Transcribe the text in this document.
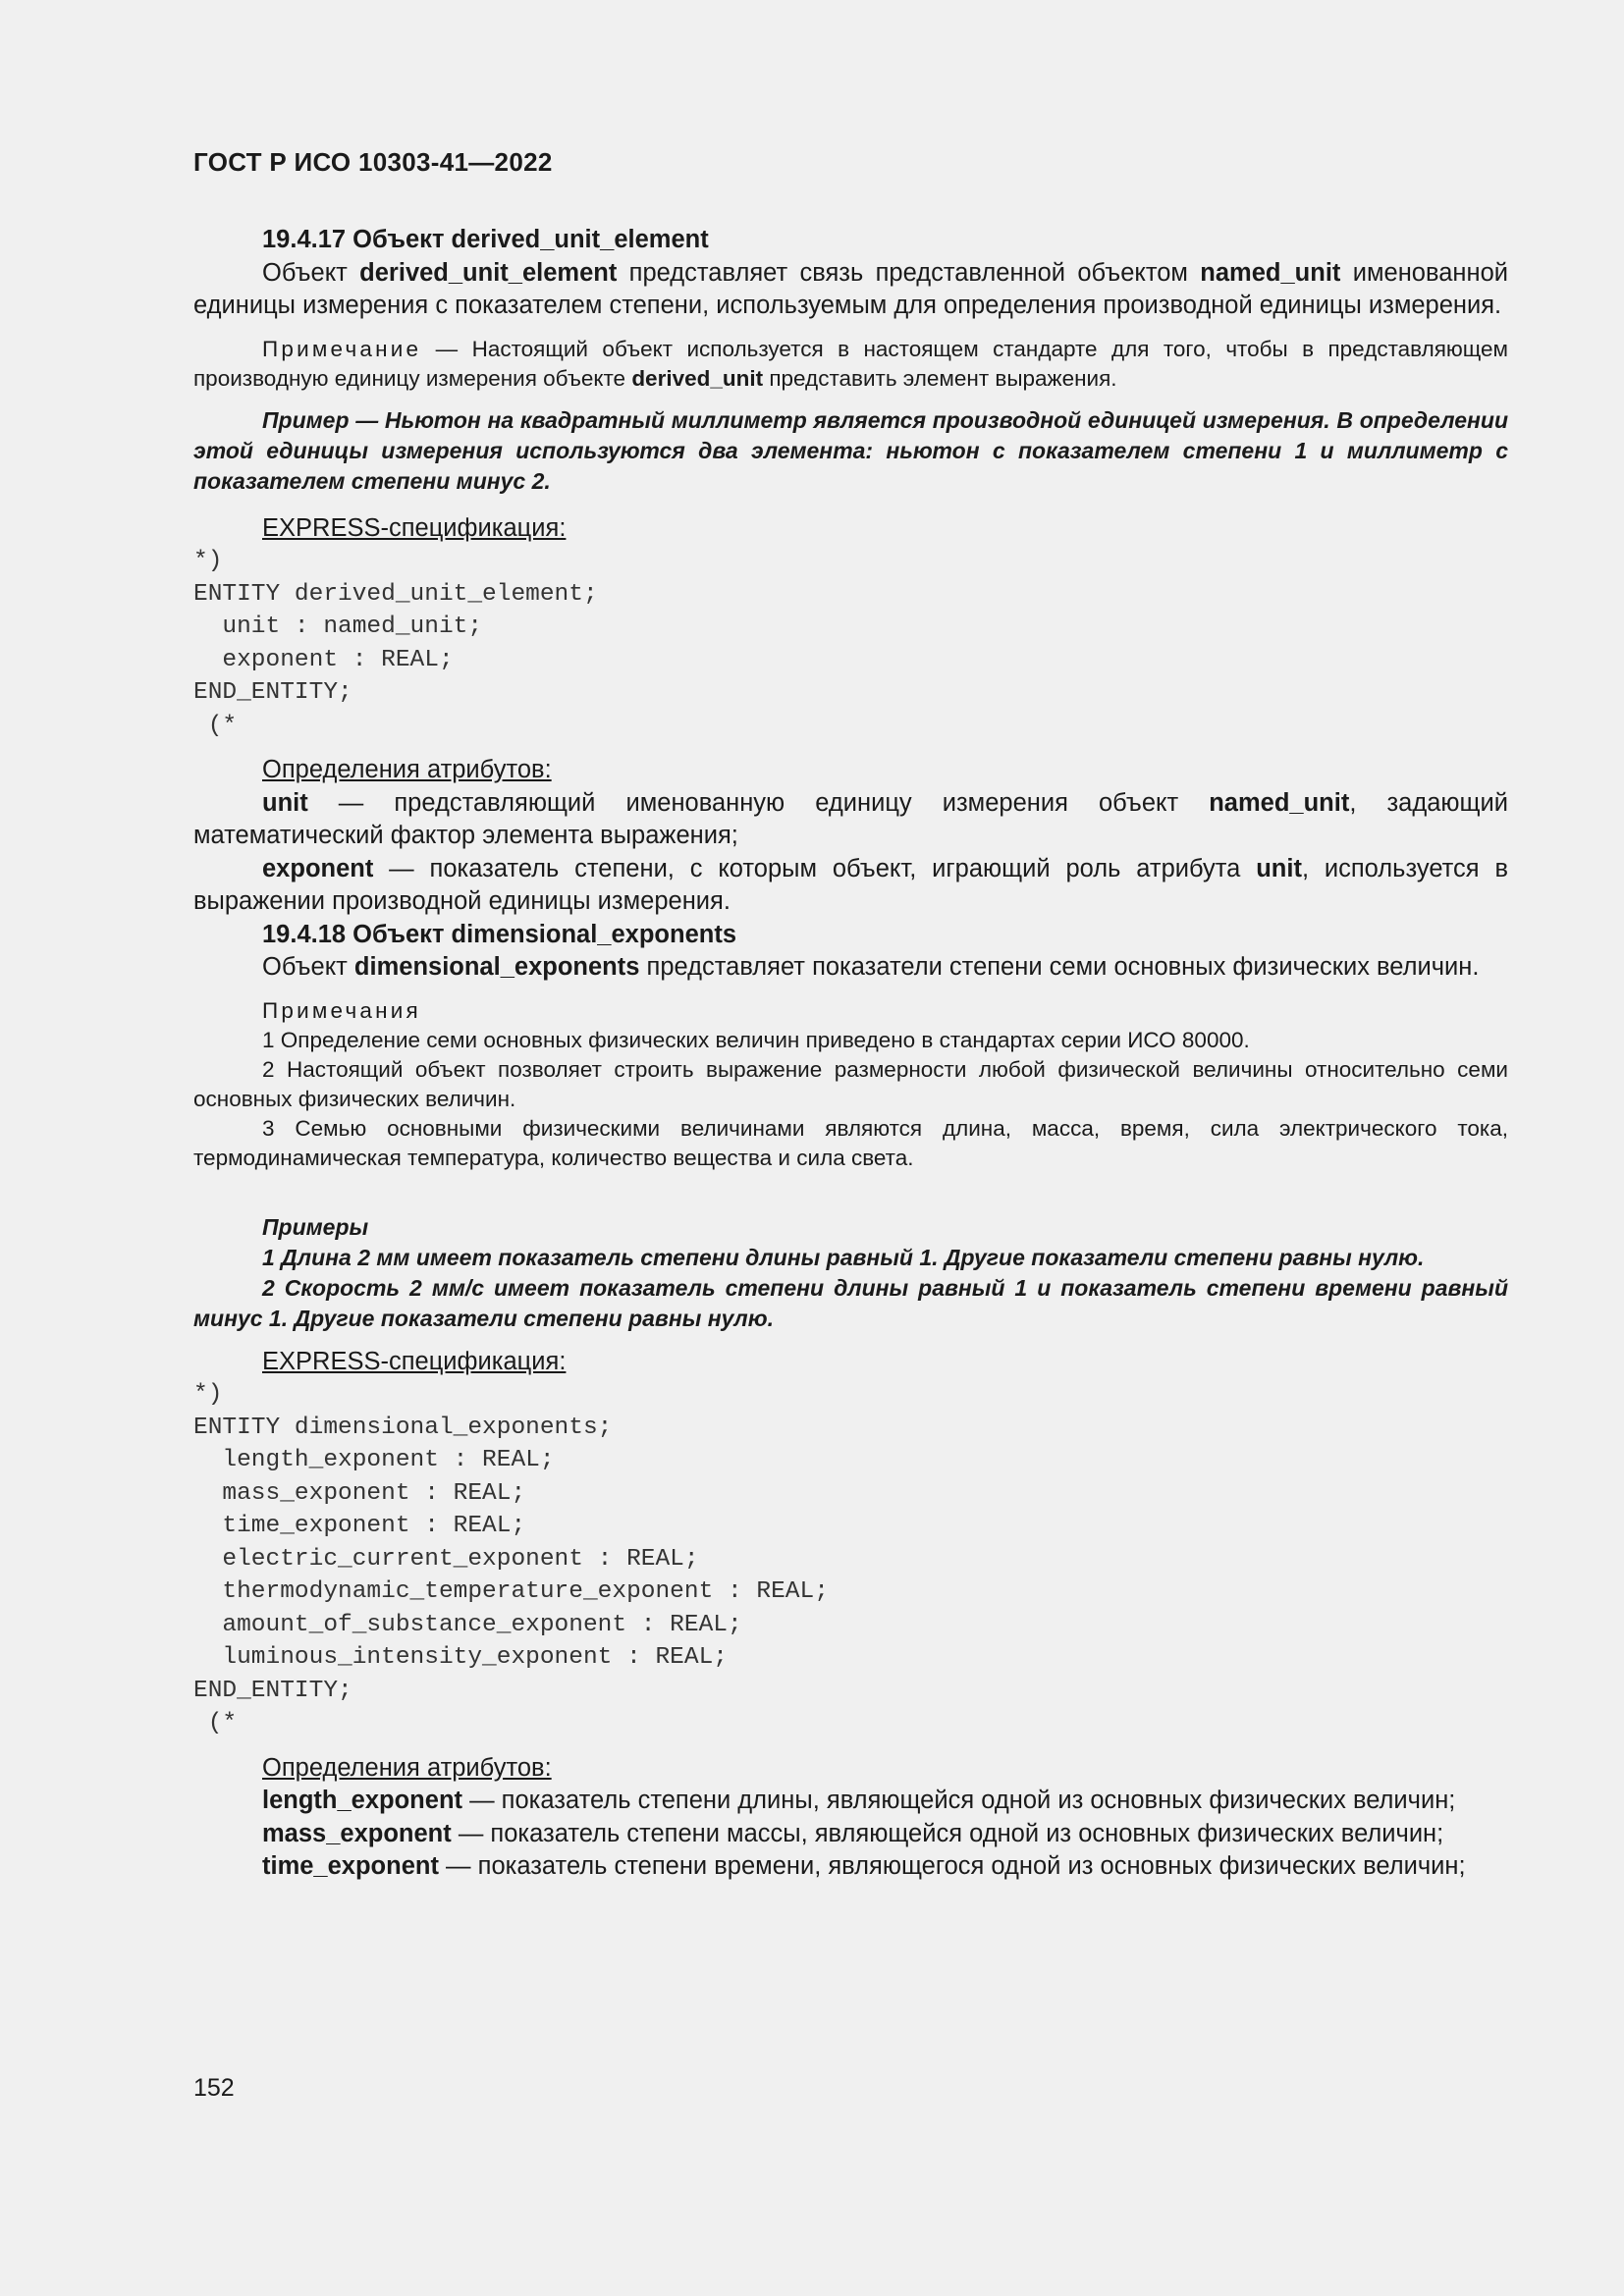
ГОСТ Р ИСО 10303-41—2022

19.4.17 Объект derived_unit_element

Объект derived_unit_element представляет связь представленной объектом named_unit именованной единицы измерения с показателем степени, используемым для определения производной единицы измерения.

Примечание — Настоящий объект используется в настоящем стандарте для того, чтобы в представляющем производную единицу измерения объекте derived_unit представить элемент выражения.

Пример — Ньютон на квадратный миллиметр является производной единицей измерения. В определении этой единицы измерения используются два элемента: ньютон с показателем степени 1 и миллиметр с показателем степени минус 2.

EXPRESS-спецификация:

*)
ENTITY derived_unit_element;
unit : named_unit;
exponent : REAL;
END_ENTITY;
(*

Определения атрибутов:

unit — представляющий именованную единицу измерения объект named_unit, задающий математический фактор элемента выражения;

exponent — показатель степени, с которым объект, играющий роль атрибута unit, используется в выражении производной единицы измерения.

19.4.18 Объект dimensional_exponents

Объект dimensional_exponents представляет показатели степени семи основных физических величин.

Примечания

1 Определение семи основных физических величин приведено в стандартах серии ИСО 80000.

2 Настоящий объект позволяет строить выражение размерности любой физической величины относительно семи основных физических величин.

3 Семью основными физическими величинами являются длина, масса, время, сила электрического тока, термодинамическая температура, количество вещества и сила света.

Примеры

1 Длина 2 мм имеет показатель степени длины равный 1. Другие показатели степени равны нулю.

2 Скорость 2 мм/с имеет показатель степени длины равный 1 и показатель степени времени равный минус 1. Другие показатели степени равны нулю.

EXPRESS-спецификация:

*)
ENTITY dimensional_exponents;
length_exponent : REAL;
mass_exponent : REAL;
time_exponent : REAL;
electric_current_exponent : REAL;
thermodynamic_temperature_exponent : REAL;
amount_of_substance_exponent : REAL;
luminous_intensity_exponent : REAL;
END_ENTITY;
(*

Определения атрибутов:

length_exponent — показатель степени длины, являющейся одной из основных физических величин;

mass_exponent — показатель степени массы, являющейся одной из основных физических величин;

time_exponent — показатель степени времени, являющегося одной из основных физических величин;

152
